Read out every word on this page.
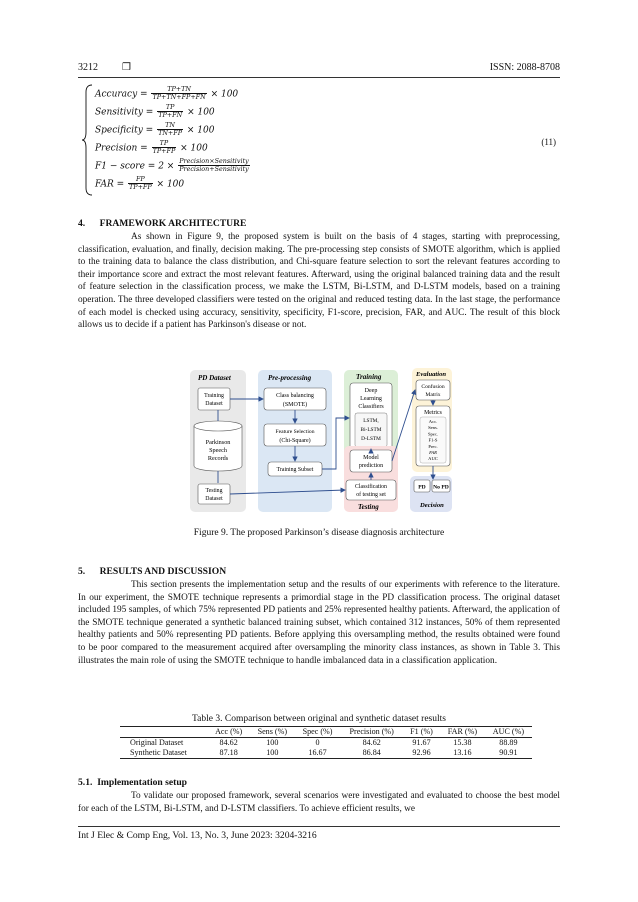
3212 ❒	ISSN: 2088-8708
Accuracy = $\frac{TP+TN}{TP+TN+FP+FN} \times 100$
Sensitivity = $\frac{TP}{TP+FN} \times 100$
Specificity = $\frac{TN}{TN+FP} \times 100$
Precision = $\frac{TP}{TP+FP} \times 100$
F1 − score = $2 \times \frac{\text{Precision×Sensitivity}}{\text{Precision+Sensitivity}}$
FAR = $\frac{FP}{TP+FP} \times 100$
(11)
4.      FRAMEWORK ARCHITECTURE
As shown in Figure 9, the proposed system is built on the basis of 4 stages, starting with preprocessing, classification, evaluation, and finally, decision making. The pre-processing step consists of SMOTE algorithm, which is applied to the training data to balance the class distribution, and Chi-square feature selection to sort the relevant features according to their importance score and extract the most relevant features. Afterward, using the original balanced training data and the result of feature selection in the classification process, we make the LSTM, Bi-LSTM, and D-LSTM models, based on a training operation. The three developed classifiers were tested on the original and reduced testing data. In the last stage, the performance of each model is checked using accuracy, sensitivity, specificity, F1-score, precision, FAR, and AUC. The result of this block allows us to decide if a patient has Parkinson's disease or not.
PD Dataset
Training
Dataset
Parkinson
Speech
Records
Testing
Dataset
Pre-processing
Class balancing
(SMOTE)
Feature Selection
(Chi-Square)
Training Subset
Training
Deep
Learning
Classifiers
LSTM,
Bi-LSTM
D-LSTM
Model
prediction
Classification
of testing set
Testing
Evaluation
Confusion
Matrix
Metrics
Acc.
Sens.
Spec.
F1-S
Prec.
FAR
AUC
PD No PD
Decision
Figure 9. The proposed Parkinson’s disease diagnosis architecture
5.      RESULTS AND DISCUSSION
This section presents the implementation setup and the results of our experiments with reference to the literature. In our experiment, the SMOTE technique represents a primordial stage in the PD classification process. The original dataset included 195 samples, of which 75% represented PD patients and 25% represented healthy patients. Afterward, the application of the SMOTE technique generated a synthetic balanced training subset, which contained 312 instances, 50% of them represented healthy patients and 50% representing PD patients. Before applying this oversampling method, the results obtained were found to be poor compared to the measurement acquired after oversampling the minority class instances, as shown in Table 3. This illustrates the main role of using the SMOTE technique to handle imbalanced data in a classification application.
Table 3. Comparison between original and synthetic dataset results
	Acc (%)	Sens (%)	Spec (%)	Precision (%)	F1 (%)	FAR (%)	AUC (%)
Original Dataset	84.62	100	0	84.62	91.67	15.38	88.89
Synthetic Dataset	87.18	100	16.67	86.84	92.96	13.16	90.91
5.1.  Implementation setup
To validate our proposed framework, several scenarios were investigated and evaluated to choose the best model for each of the LSTM, Bi-LSTM, and D-LSTM classifiers. To achieve efficient results, we
Int J Elec & Comp Eng, Vol. 13, No. 3, June 2023: 3204-3216
